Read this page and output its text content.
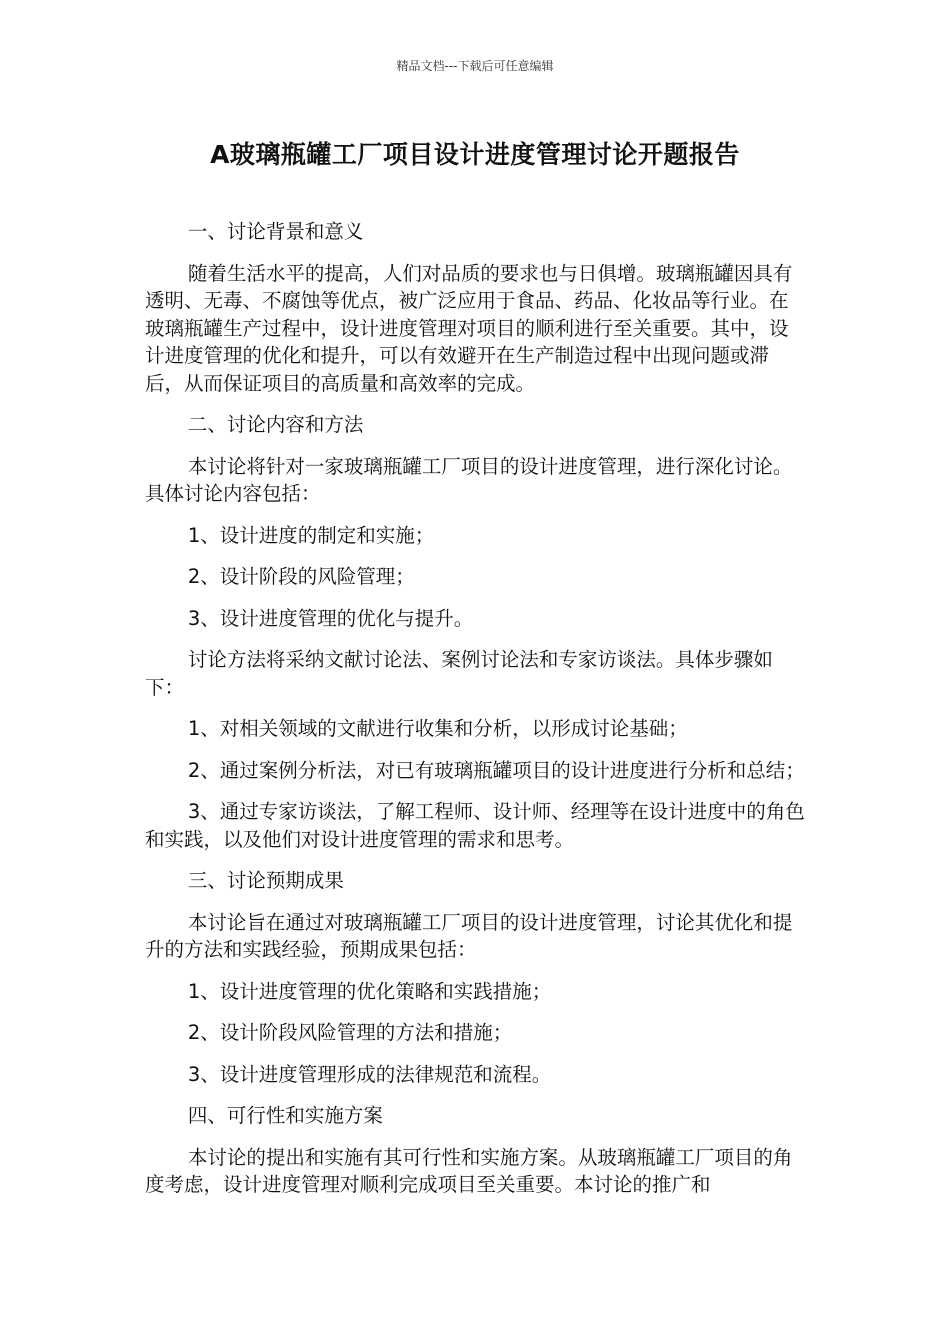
精品文档---下载后可任意编辑
A玻璃瓶罐工厂项目设计进度管理讨论开题报告

一、讨论背景和意义

随着生活水平的提高，人们对品质的要求也与日俱增。玻璃瓶罐因具有透明、无毒、不腐蚀等优点，被广泛应用于食品、药品、化妆品等行业。在玻璃瓶罐生产过程中，设计进度管理对项目的顺利进行至关重要。其中，设计进度管理的优化和提升，可以有效避开在生产制造过程中出现问题或滞后，从而保证项目的高质量和高效率的完成。

二、讨论内容和方法

本讨论将针对一家玻璃瓶罐工厂项目的设计进度管理，进行深化讨论。具体讨论内容包括：

1、设计进度的制定和实施；

2、设计阶段的风险管理；

3、设计进度管理的优化与提升。

讨论方法将采纳文献讨论法、案例讨论法和专家访谈法。具体步骤如下：

1、对相关领域的文献进行收集和分析，以形成讨论基础；

2、通过案例分析法，对已有玻璃瓶罐项目的设计进度进行分析和总结；

3、通过专家访谈法，了解工程师、设计师、经理等在设计进度中的角色和实践，以及他们对设计进度管理的需求和思考。

三、讨论预期成果

本讨论旨在通过对玻璃瓶罐工厂项目的设计进度管理，讨论其优化和提升的方法和实践经验，预期成果包括：

1、设计进度管理的优化策略和实践措施；

2、设计阶段风险管理的方法和措施；

3、设计进度管理形成的法律规范和流程。

四、可行性和实施方案

本讨论的提出和实施有其可行性和实施方案。从玻璃瓶罐工厂项目的角度考虑，设计进度管理对顺利完成项目至关重要。本讨论的推广和
